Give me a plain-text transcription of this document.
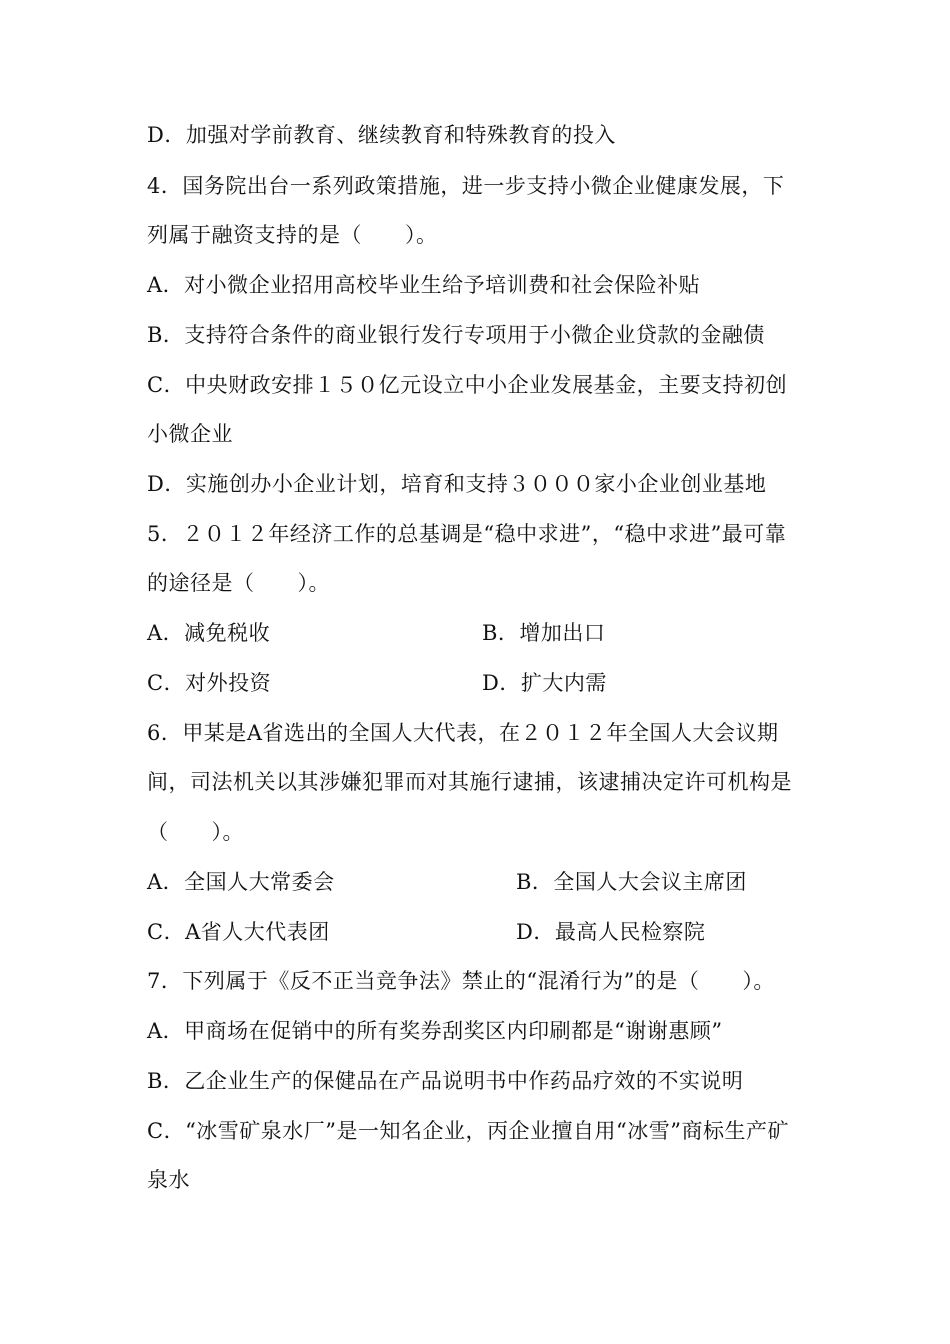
D．加强对学前教育、继续教育和特殊教育的投入
4．国务院出台一系列政策措施，进一步支持小微企业健康发展，下
列属于融资支持的是（　　）。
A．对小微企业招用高校毕业生给予培训费和社会保险补贴
B．支持符合条件的商业银行发行专项用于小微企业贷款的金融债
C．中央财政安排１５０亿元设立中小企业发展基金，主要支持初创
小微企业
D．实施创办小企业计划，培育和支持３０００家小企业创业基地
5．２０１２年经济工作的总基调是“稳中求进”，“稳中求进”最可靠
的途径是（　　）。
A．减免税收	B．增加出口
C．对外投资	D．扩大内需
6．甲某是A省选出的全国人大代表，在２０１２年全国人大会议期
间，司法机关以其涉嫌犯罪而对其施行逮捕，该逮捕决定许可机构是
（　　）。
A．全国人大常委会	B．全国人大会议主席团
C．A省人大代表团	D．最高人民检察院
7．下列属于《反不正当竞争法》禁止的“混淆行为”的是（　　）。
A．甲商场在促销中的所有奖券刮奖区内印刷都是“谢谢惠顾”
B．乙企业生产的保健品在产品说明书中作药品疗效的不实说明
C．“冰雪矿泉水厂”是一知名企业，丙企业擅自用“冰雪”商标生产矿
泉水
